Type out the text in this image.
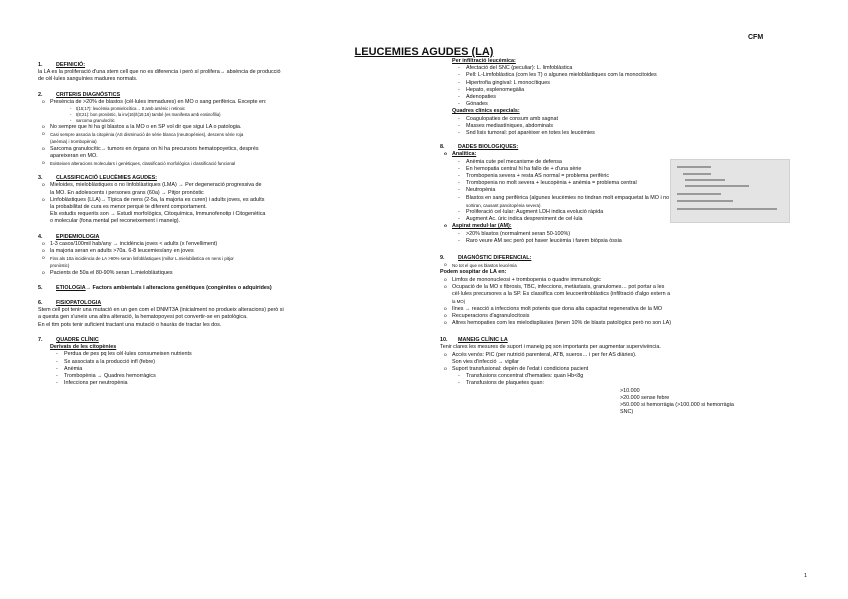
CFM
LEUCEMIES AGUDES (LA)
1.	DEFINICIÓ:
la LA es la proliferació d'una stem cell que no es diferencia i però sí prolifera→ absència de producció
de cèl·lules sanguínies madures normals.
2.	CRITERIS DIAGNÒSTICS
o Presència de >20% de blastos (cèl·lules immadures) en MO o sang perifèrica. Excepte en:
- t(15;17): leucèmia promielocítica→ tt amb arsènic i retinoic
- t(8;21): bon pronòstic, la inv(16)/t(16;16) també (es manifesta amb eosinofília)
- sarcoma granulocític
o No sempre que hi ha gi blastos a la MO o en SP vol dir que sigui LA o patologia.
o Casi sempre associa la citopènia (AS disminució de sèrie blanca (neutropènies), descens sèrie roja
(anèmia) i trombopènia)
o Sarcoma granulocític→ tumors en òrgans on hi ha precursors hematopoyetics, després
apareixeran en MO.
o Existeixen alteracions moleculars i genètiques, classificació morfològica i classificació funcional
3.	CLASSIFICACIÓ LEUCÈMIES AGUDES:
o Mieloides, mieloblàstiques o no linfoblàstiques (LMA) → Per degeneració progressiva de
la MO. En adolescents i persones grans (60a) → Pitjor pronòstic
o Linfoblàstiques (LLA)→ Típica de nens (2-5a, la majoria es curen) i adults joves, es adults
la probabilitat de cura es menor perquè te diferent comportament.
Els estudis requerits son → Estudi morfològics, Citoquímica, Immunofenotip i Citogenètica
o molecular (fona mental pel reconeixement i maneig).
4.	EPIDEMIOLOGIA
o 1-3 casos/100mil hab/any → incidència joves < adults (x l'envelliment)
o la majoria seran en adults >70a. 6-8 leucemies/any en joves
o Fins als 10a incidència de LA >90% seran linfoblàstiques (millor L.mieloblàstica en nens i pitjor
pronòstic)
o Pacients de 50a el 80-90% seran L.mieloblàstiques
5.	ETIOLOGIA→ Factors ambientals i alteracions genètiques (congènites o adquirides)
6.	FISIOPATOLOGIA
Stem cell pot tenir una mutació en un gen com el DNMT3A (inicialment no produeix alteracions) però si
a questa gen s'uneix una altra alteració, la hematopoyesi pot convertir-se en patològica.
En el ttm pots tenir suficient tractant una mutació o hauràs de tractar les dos.
7.	QUADRE CLÍNIC
Derivats de les citopènies
- Perdua de pes pq les cèl·lules consumeixen nutrients
- Sx associats a la producció infl (febre)
- Anèmia
- Trombopènia → Quadres hemorràgics
- Infeccions per neutropènia
Per infiltració leucèmica:
- Afectació del SNC (peculiar): L. limfoblàstica
- Pell: L-Limfoblàstica (com les T) o algunes mieloblàstiques com la monocitoides
- Hipertrofia gingival: L monocítiques
- Hepato, esplenomegàlia
- Adenopaties
- Gónades
Quadres clínics especials:
- Coagulopaties de consum amb sagnat
- Masses mediastíniques, abdominals
- Snd lisis tumoral: pot aparèixer en totes les leucèmies
8.	DADES BIOLOGIQUES:
o Analítica:
- Anèmia cute pel mecanisme de defensa
- En hemopatia central hi ha fallo de + d'una sèrie
- Trombopenia severa + resta AS normal = problema perifèric
- Trombopenia no molt severa + leucopènia + anèmia = problema central
- Neutropènia
- Blastos en sang perifèrica (algunes leucèmies no tindran molt empaquetat la MO i no
sortiran, causant pancitopènia severa)
- Proliferació cel·lular: Augment LDH indica evolució ràpida
- Augment Ac. úric indica despreniment de cel·lula
o Aspirat medul·lar (AM):
- >20% blastos (normalment seran 50-100%)
- Raro veure AM sec però pot haver leucèmia i farem biòpsia òssia
9.	DIAGNÒSTIC DIFERENCIAL:
o No tot el que es blastos leucèmia
Podem sospitar de LA en:
o Limfos de mononucleosi + trombopenia o quadre immunològic
o Ocupació de la MO x fibrosis, TBC, infeccions, metàstasis, granulomes… pot portar a les
cèl·lules precursores a la SP. Es classifica com leucoeritroblàstics (infiltració d'algo extern a
la MO)
o Ilnes → reacció a infeccions molt potents que dona alta capacitat regenerativa de la MO
o Recuperacions d'agranulocitosis
o Altres hemopaties com les mielodisplàsies (tenen 10% de blasts patològics però no son LA)
10. MANEIG CLÍNIC LA
Tenir clares les mesures de suport i maneig pq son importants per augmentar supervivència.
o Accés venós: PIC (per nutrició parenteral, ATB, sueros… i per fer AS diàries).
Son vies d'infecció → vigilar
o Suport transfusional: depèn de l'edat i condicions pacient
- Transfusions concentrat d'hematies: quan Hb<8g
- Transfusions de plaquetes quan:
>10.000
>20.000 sense febre
>50.000 si hemorràgia (>100.000 si hemorràgia
SNC)
1
